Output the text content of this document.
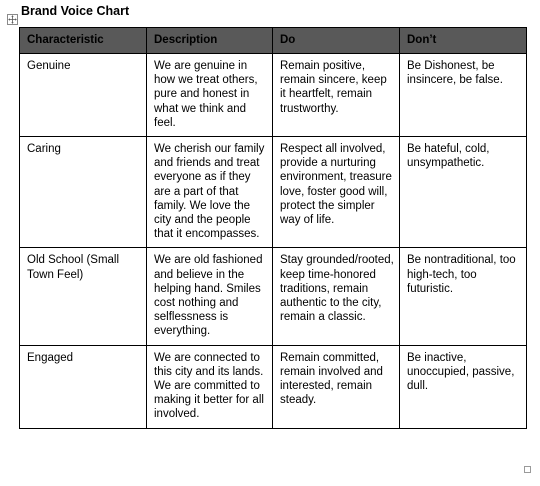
Brand Voice Chart
Characteristic	Description	Do	Don’t
Genuine	We are genuine in how we treat others, pure and honest in what we think and feel.	Remain positive, remain sincere, keep it heartfelt, remain trustworthy.	Be Dishonest, be insincere, be false.
Caring	We cherish our family and friends and treat everyone as if they are a part of that family. We love the city and the people that it encompasses.	Respect all involved, provide a nurturing environment, treasure love, foster good will, protect the simpler way of life.	Be hateful, cold, unsympathetic.
Old School (Small Town Feel)	We are old fashioned and believe in the helping hand. Smiles cost nothing and selflessness is everything.	Stay grounded/rooted, keep time-honored traditions, remain authentic to the city, remain a classic.	Be nontraditional, too high-tech, too futuristic.
Engaged	We are connected to this city and its lands. We are committed to making it better for all involved.	Remain committed, remain involved and interested, remain steady.	Be inactive, unoccupied, passive, dull.
